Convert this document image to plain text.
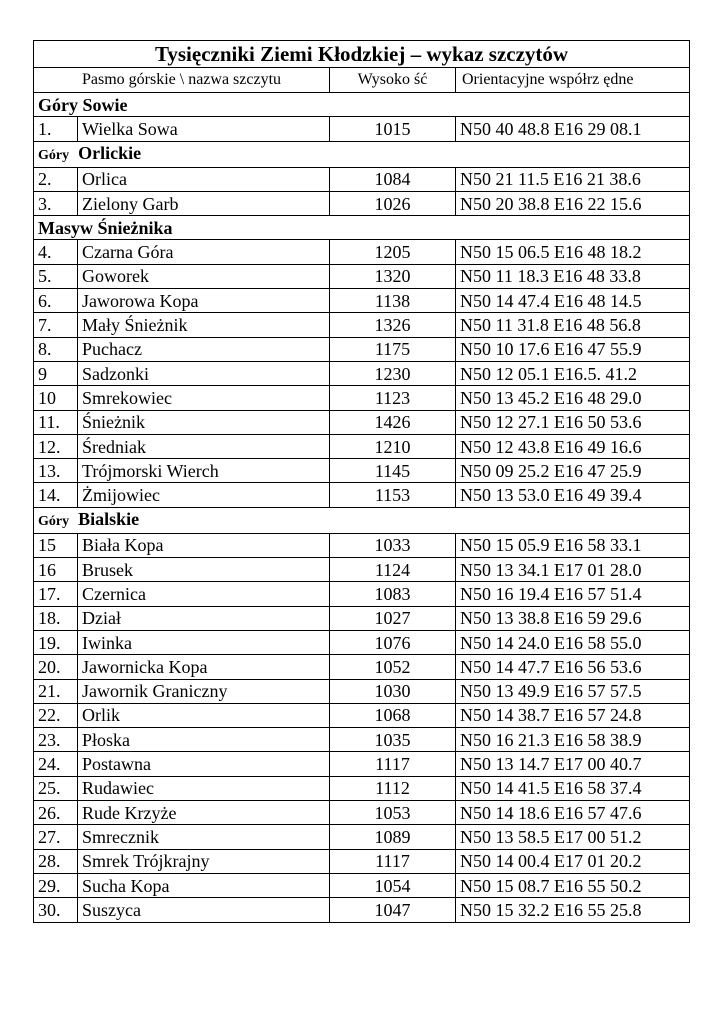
Tysięczniki Ziemi Kłodzkiej – wykaz szczytów			
Pasmo górskie \ nazwa szczytu		Wysoko ść	Orientacyjne współrz ędne
Góry Sowie			
1.	Wielka Sowa	1015	N50 40 48.8 E16 29 08.1
Góry Orlickie			
2.	Orlica	1084	N50 21 11.5 E16 21 38.6
3.	Zielony Garb	1026	N50 20 38.8 E16 22 15.6
Masyw Śnieżnika			
4.	Czarna Góra	1205	N50 15 06.5 E16 48 18.2
5.	Goworek	1320	N50 11 18.3 E16 48 33.8
6.	Jaworowa Kopa	1138	N50 14 47.4 E16 48 14.5
7.	Mały Śnieżnik	1326	N50 11 31.8 E16 48 56.8
8.	Puchacz	1175	N50 10 17.6 E16 47 55.9
9	Sadzonki	1230	N50 12 05.1 E16.5. 41.2
10	Smrekowiec	1123	N50 13 45.2 E16 48 29.0
11.	Śnieżnik	1426	N50 12 27.1 E16 50 53.6
12.	Średniak	1210	N50 12 43.8 E16 49 16.6
13.	Trójmorski Wierch	1145	N50 09 25.2 E16 47 25.9
14.	Żmijowiec	1153	N50 13 53.0 E16 49 39.4
Góry Bialskie			
15	Biała Kopa	1033	N50 15 05.9 E16 58 33.1
16	Brusek	1124	N50 13 34.1 E17 01 28.0
17.	Czernica	1083	N50 16 19.4 E16 57 51.4
18.	Dział	1027	N50 13 38.8 E16 59 29.6
19.	Iwinka	1076	N50 14 24.0 E16 58 55.0
20.	Jawornicka Kopa	1052	N50 14 47.7 E16 56 53.6
21.	Jawornik Graniczny	1030	N50 13 49.9 E16 57 57.5
22.	Orlik	1068	N50 14 38.7 E16 57 24.8
23.	Płoska	1035	N50 16 21.3 E16 58 38.9
24.	Postawna	1117	N50 13 14.7 E17 00 40.7
25.	Rudawiec	1112	N50 14 41.5 E16 58 37.4
26.	Rude Krzyże	1053	N50 14 18.6 E16 57 47.6
27.	Smrecznik	1089	N50 13 58.5 E17 00 51.2
28.	Smrek Trójkrajny	1117	N50 14 00.4 E17 01 20.2
29.	Sucha Kopa	1054	N50 15 08.7 E16 55 50.2
30.	Suszyca	1047	N50 15 32.2 E16 55 25.8
